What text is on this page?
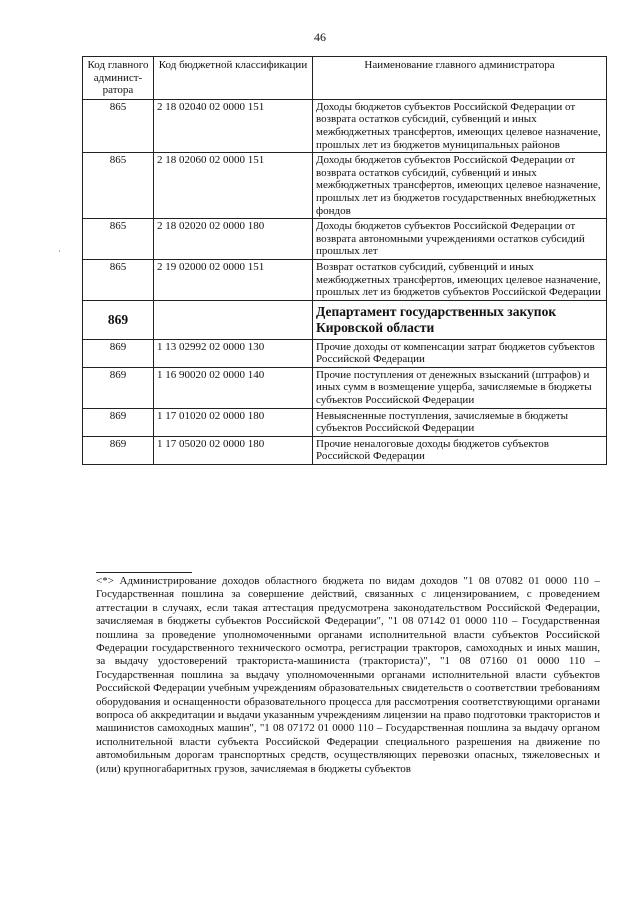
46
·
Код главного админист-ратора	Код бюджетной классификации	Наименование главного администратора
865	2 18 02040 02 0000 151	Доходы бюджетов субъектов Российской Федерации от возврата остатков субсидий, субвенций и иных межбюджетных трансфертов, имеющих целевое назначение, прошлых лет из бюджетов муниципальных районов
865	2 18 02060 02 0000 151	Доходы бюджетов субъектов Российской Федерации от возврата остатков субсидий, субвенций и иных межбюджетных трансфертов, имеющих целевое назначение, прошлых лет из бюджетов государственных внебюджетных фондов
865	2 18 02020 02 0000 180	Доходы бюджетов субъектов Российской Федерации от возврата автономными учреждениями остатков субсидий прошлых лет
865	2 19 02000 02 0000 151	Возврат остатков субсидий, субвенций и иных межбюджетных трансфертов, имеющих целевое назначение, прошлых лет из бюджетов субъектов Российской Федерации
869		Департамент государственных закупок Кировской области
869	1 13 02992 02 0000 130	Прочие доходы от компенсации затрат бюджетов субъектов Российской Федерации
869	1 16 90020 02 0000 140	Прочие поступления от денежных взысканий (штрафов) и иных сумм в возмещение ущерба, зачисляемые в бюджеты субъектов Российской Федерации
869	1 17 01020 02 0000 180	Невыясненные поступления, зачисляемые в бюджеты субъектов Российской Федерации
869	1 17 05020 02 0000 180	Прочие неналоговые доходы бюджетов субъектов Российской Федерации

<*> Администрирование доходов областного бюджета по видам доходов "1 08 07082 01 0000 110 – Государственная пошлина за совершение действий, связанных с лицензированием, с проведением аттестации в случаях, если такая аттестация предусмотрена законодательством Российской Федерации, зачисляемая в бюджеты субъектов Российской Федерации", "1 08 07142 01 0000 110 – Государственная пошлина за проведение уполномоченными органами исполнительной власти субъектов Российской Федерации государственного технического осмотра, регистрации тракторов, самоходных и иных машин, за выдачу удостоверений тракториста-машиниста (тракториста)", "1 08 07160 01 0000 110 – Государственная пошлина за выдачу уполномоченными органами исполнительной власти субъектов Российской Федерации учебным учреждениям образовательных свидетельств о соответствии требованиям оборудования и оснащенности образовательного процесса для рассмотрения соответствующими органами вопроса об аккредитации и выдачи указанным учреждениям лицензии на право подготовки трактористов и машинистов самоходных машин", "1 08 07172 01 0000 110 – Государственная пошлина за выдачу органом исполнительной власти субъекта Российской Федерации специального разрешения на движение по автомобильным дорогам транспортных средств, осуществляющих перевозки опасных, тяжеловесных и (или) крупногабаритных грузов, зачисляемая в бюджеты субъектов
